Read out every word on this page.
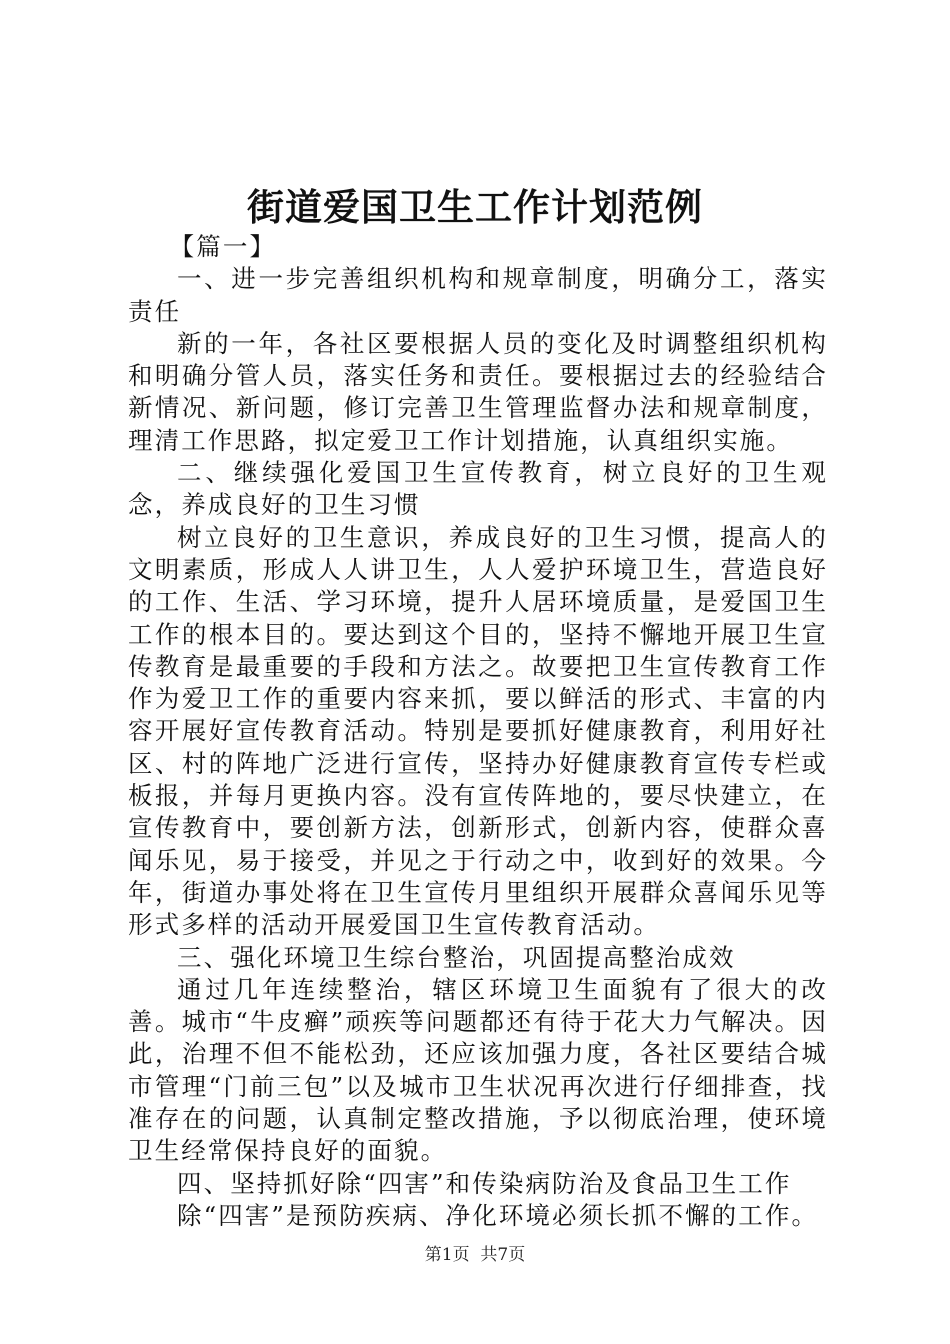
街道爱国卫生工作计划范例

【篇一】

一、进一步完善组织机构和规章制度，明确分工，落实责任

新的一年，各社区要根据人员的变化及时调整组织机构和明确分管人员，落实任务和责任。要根据过去的经验结合新情况、新问题，修订完善卫生管理监督办法和规章制度，理清工作思路，拟定爱卫工作计划措施，认真组织实施。

二、继续强化爱国卫生宣传教育，树立良好的卫生观念，养成良好的卫生习惯

树立良好的卫生意识，养成良好的卫生习惯，提高人的文明素质，形成人人讲卫生，人人爱护环境卫生，营造良好的工作、生活、学习环境，提升人居环境质量，是爱国卫生工作的根本目的。要达到这个目的，坚持不懈地开展卫生宣传教育是最重要的手段和方法之。故要把卫生宣传教育工作作为爱卫工作的重要内容来抓，要以鲜活的形式、丰富的内容开展好宣传教育活动。特别是要抓好健康教育，利用好社区、村的阵地广泛进行宣传，坚持办好健康教育宣传专栏或板报，并每月更换内容。没有宣传阵地的，要尽快建立，在宣传教育中，要创新方法，创新形式，创新内容，使群众喜闻乐见，易于接受，并见之于行动之中，收到好的效果。今年，街道办事处将在卫生宣传月里组织开展群众喜闻乐见等形式多样的活动开展爱国卫生宣传教育活动。

三、强化环境卫生综台整治，巩固提高整治成效

通过几年连续整治，辖区环境卫生面貌有了很大的改善。城市“牛皮癣”顽疾等问题都还有待于花大力气解决。因此，治理不但不能松劲，还应该加强力度，各社区要结合城市管理“门前三包”以及城市卫生状况再次进行仔细排查，找准存在的问题，认真制定整改措施，予以彻底治理，使环境卫生经常保持良好的面貌。

四、坚持抓好除“四害”和传染病防治及食品卫生工作

除“四害”是预防疾病、净化环境必须长抓不懈的工作。

第1页 共7页
